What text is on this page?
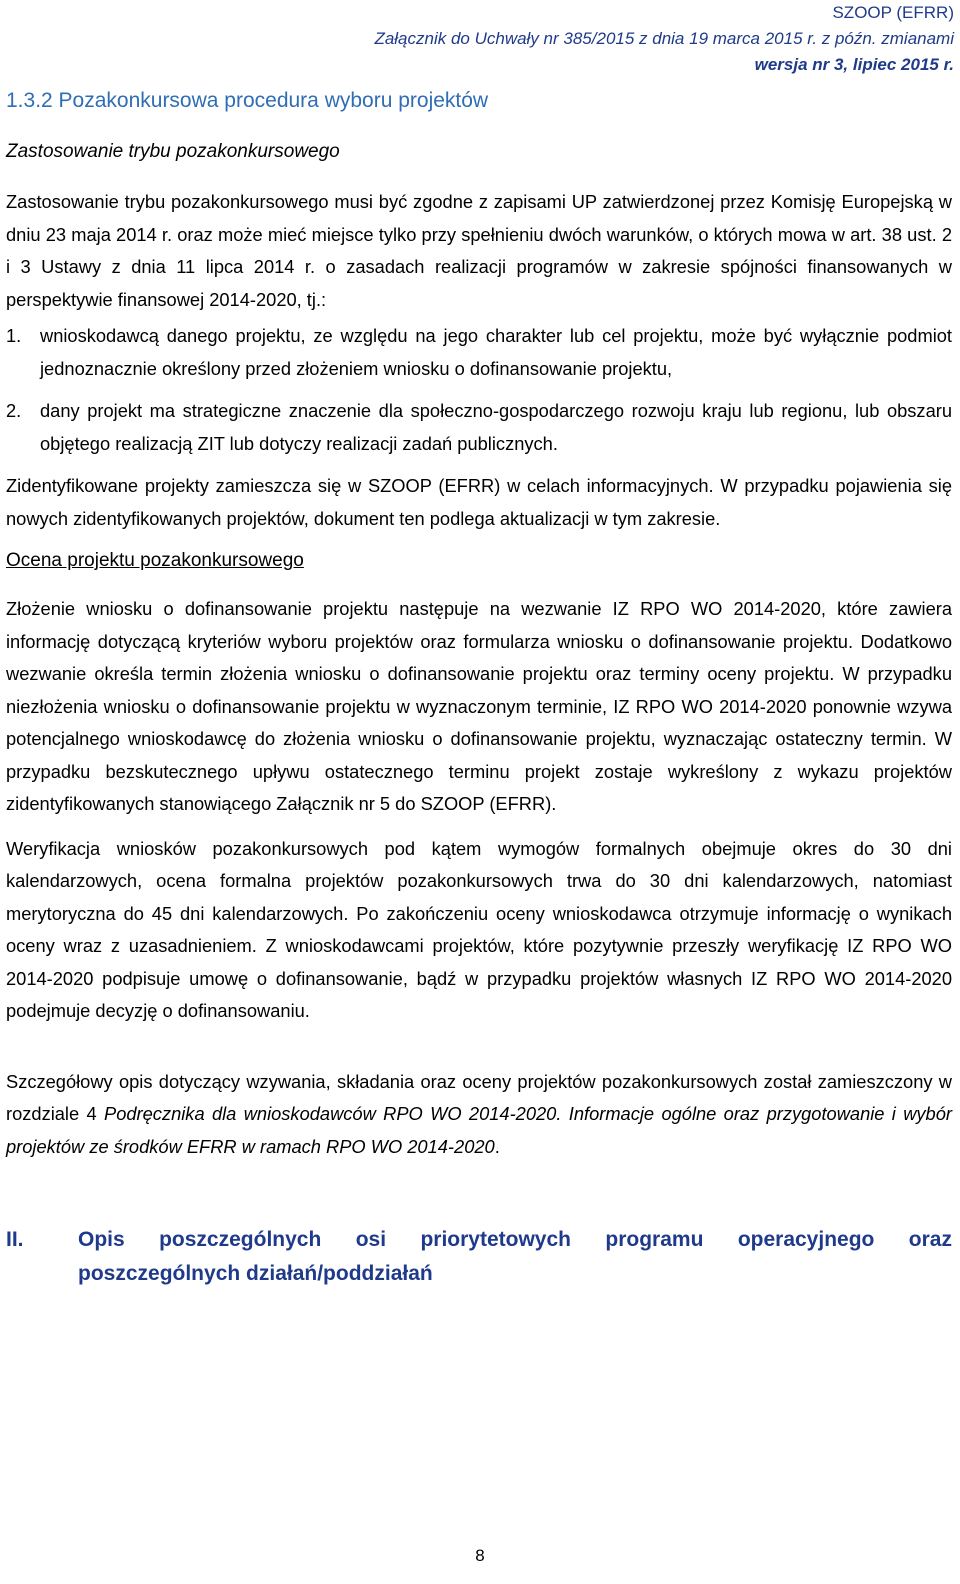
SZOOP (EFRR)
Załącznik do Uchwały nr 385/2015 z dnia 19 marca 2015 r. z późn. zmianami
wersja nr 3, lipiec 2015 r.
1.3.2 Pozakonkursowa procedura wyboru projektów
Zastosowanie trybu pozakonkursowego
Zastosowanie trybu pozakonkursowego musi być zgodne z zapisami UP zatwierdzonej przez Komisję Europejską w dniu 23 maja 2014 r. oraz może mieć miejsce tylko przy spełnieniu dwóch warunków, o których mowa w art. 38 ust. 2 i 3 Ustawy z dnia 11 lipca 2014 r. o zasadach realizacji programów w zakresie spójności finansowanych w perspektywie finansowej 2014-2020, tj.:
1. wnioskodawcą danego projektu, ze względu na jego charakter lub cel projektu, może być wyłącznie podmiot jednoznacznie określony przed złożeniem wniosku o dofinansowanie projektu,
2. dany projekt ma strategiczne znaczenie dla społeczno-gospodarczego rozwoju kraju lub regionu, lub obszaru objętego realizacją ZIT lub dotyczy realizacji zadań publicznych.
Zidentyfikowane projekty zamieszcza się w SZOOP (EFRR) w celach informacyjnych. W przypadku pojawienia się nowych zidentyfikowanych projektów, dokument ten podlega aktualizacji w tym zakresie.
Ocena projektu pozakonkursowego
Złożenie wniosku o dofinansowanie projektu następuje na wezwanie IZ RPO WO 2014-2020, które zawiera informację dotyczącą kryteriów wyboru projektów oraz formularza wniosku o dofinansowanie projektu. Dodatkowo wezwanie określa termin złożenia wniosku o dofinansowanie projektu oraz terminy oceny projektu. W przypadku niezłożenia wniosku o dofinansowanie projektu w wyznaczonym terminie, IZ RPO WO 2014-2020 ponownie wzywa potencjalnego wnioskodawcę do złożenia wniosku o dofinansowanie projektu, wyznaczając ostateczny termin. W przypadku bezskutecznego upływu ostatecznego terminu projekt zostaje wykreślony z wykazu projektów zidentyfikowanych stanowiącego Załącznik nr 5 do SZOOP (EFRR).
Weryfikacja wniosków pozakonkursowych pod kątem wymogów formalnych obejmuje okres do 30 dni kalendarzowych, ocena formalna projektów pozakonkursowych trwa do 30 dni kalendarzowych, natomiast merytoryczna do 45 dni kalendarzowych. Po zakończeniu oceny wnioskodawca otrzymuje informację o wynikach oceny wraz z uzasadnieniem. Z wnioskodawcami projektów, które pozytywnie przeszły weryfikację IZ RPO WO 2014-2020 podpisuje umowę o dofinansowanie, bądź w przypadku projektów własnych IZ RPO WO 2014-2020 podejmuje decyzję o dofinansowaniu.
Szczegółowy opis dotyczący wzywania, składania oraz oceny projektów pozakonkursowych został zamieszczony w rozdziale 4 Podręcznika dla wnioskodawców RPO WO 2014-2020. Informacje ogólne oraz przygotowanie i wybór projektów ze środków EFRR w ramach RPO WO 2014-2020.
II.	Opis poszczególnych osi priorytetowych programu operacyjnego oraz
poszczególnych działań/poddziałań
8
